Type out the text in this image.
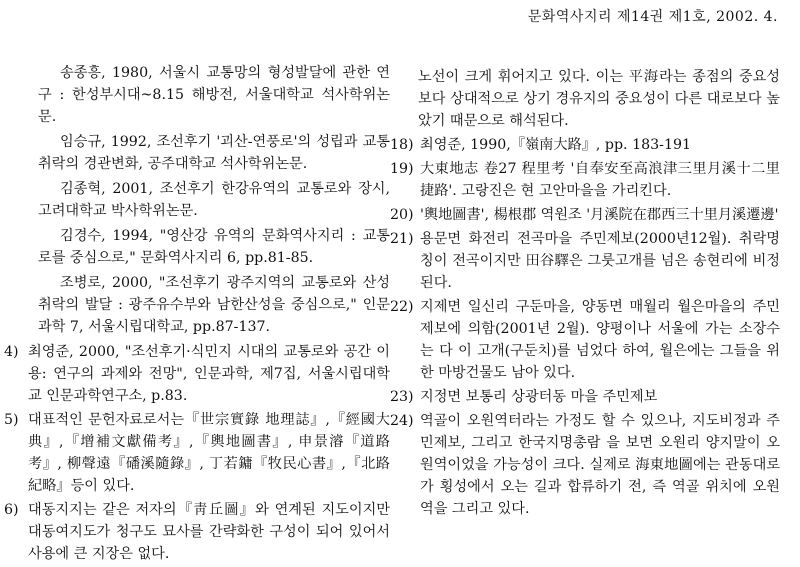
문화역사지리 제14권 제1호, 2002. 4.

송종흥, 1980, 서울시 교통망의 형성발달에 관한 연구 : 한성부시대~8.15 해방전, 서울대학교 석사학위논문.

임승규, 1992, 조선후기 '괴산-연풍로'의 성립과 교통취락의 경관변화, 공주대학교 석사학위논문.

김종혁, 2001, 조선후기 한강유역의 교통로와 장시, 고려대학교 박사학위논문.

김경수, 1994, "영산강 유역의 문화역사지리 : 교통로를 중심으로," 문화역사지리 6, pp.81-85.

조병로, 2000, "조선후기 광주지역의 교통로와 산성취락의 발달 : 광주유수부와 남한산성을 중심으로," 인문과학 7, 서울시립대학교, pp.87-137.

4) 최영준, 2000, "조선후기·식민지 시대의 교통로와 공간 이용: 연구의 과제와 전망", 인문과학, 제7집, 서울시립대학교 인문과학연구소, p.83.
5) 대표적인 문헌자료로서는『世宗實錄 地理誌』,『經國大典』,『增補文獻備考』,『輿地圖書』, 申景濬『道路考』, 柳聲遠『磻溪隨錄』, 丁若鏞『牧民心書』,『北路紀略』등이 있다.
6) 대동지지는 같은 저자의『靑丘圖』와 연계된 지도이지만 대동여지도가 청구도 묘사를 간략화한 구성이 되어 있어서 사용에 큰 지장은 없다.

노선이 크게 휘어지고 있다. 이는 平海라는 종점의 중요성보다 상대적으로 상기 경유지의 중요성이 다른 대로보다 높았기 때문으로 해석된다.

18) 최영준, 1990,『嶺南大路』, pp. 183-191
19) 大東地志 卷27 程里考 '自奉安至高浪津三里月溪十二里捷路'. 고랑진은 현 고안마을을 가리킨다.
20) '輿地圖書', 楊根郡 역원조 '月溪院在郡西三十里月溪遷邊'
21) 용문면 화전리 전곡마을 주민제보(2000년12월). 취락명칭이 전곡이지만 田谷驛은 그룻고개를 넘은 송현리에 비정된다.
22) 지제면 일신리 구둔마을, 양동면 매월리 월은마을의 주민제보에 의함(2001년 2월). 양평이나 서울에 가는 소장수는 다 이 고개(구둔치)를 넘었다 하여, 월은에는 그들을 위한 마방건물도 남아 있다.
23) 지정면 보통리 상광터동 마을 주민제보
24) 역골이 오원역터라는 가정도 할 수 있으나, 지도비정과 주민제보, 그리고 한국지명총람 을 보면 오원리 양지말이 오원역이었을 가능성이 크다. 실제로 海東地圖에는 관동대로가 횡성에서 오는 길과 합류하기 전, 즉 역골 위치에 오원역을 그리고 있다.
